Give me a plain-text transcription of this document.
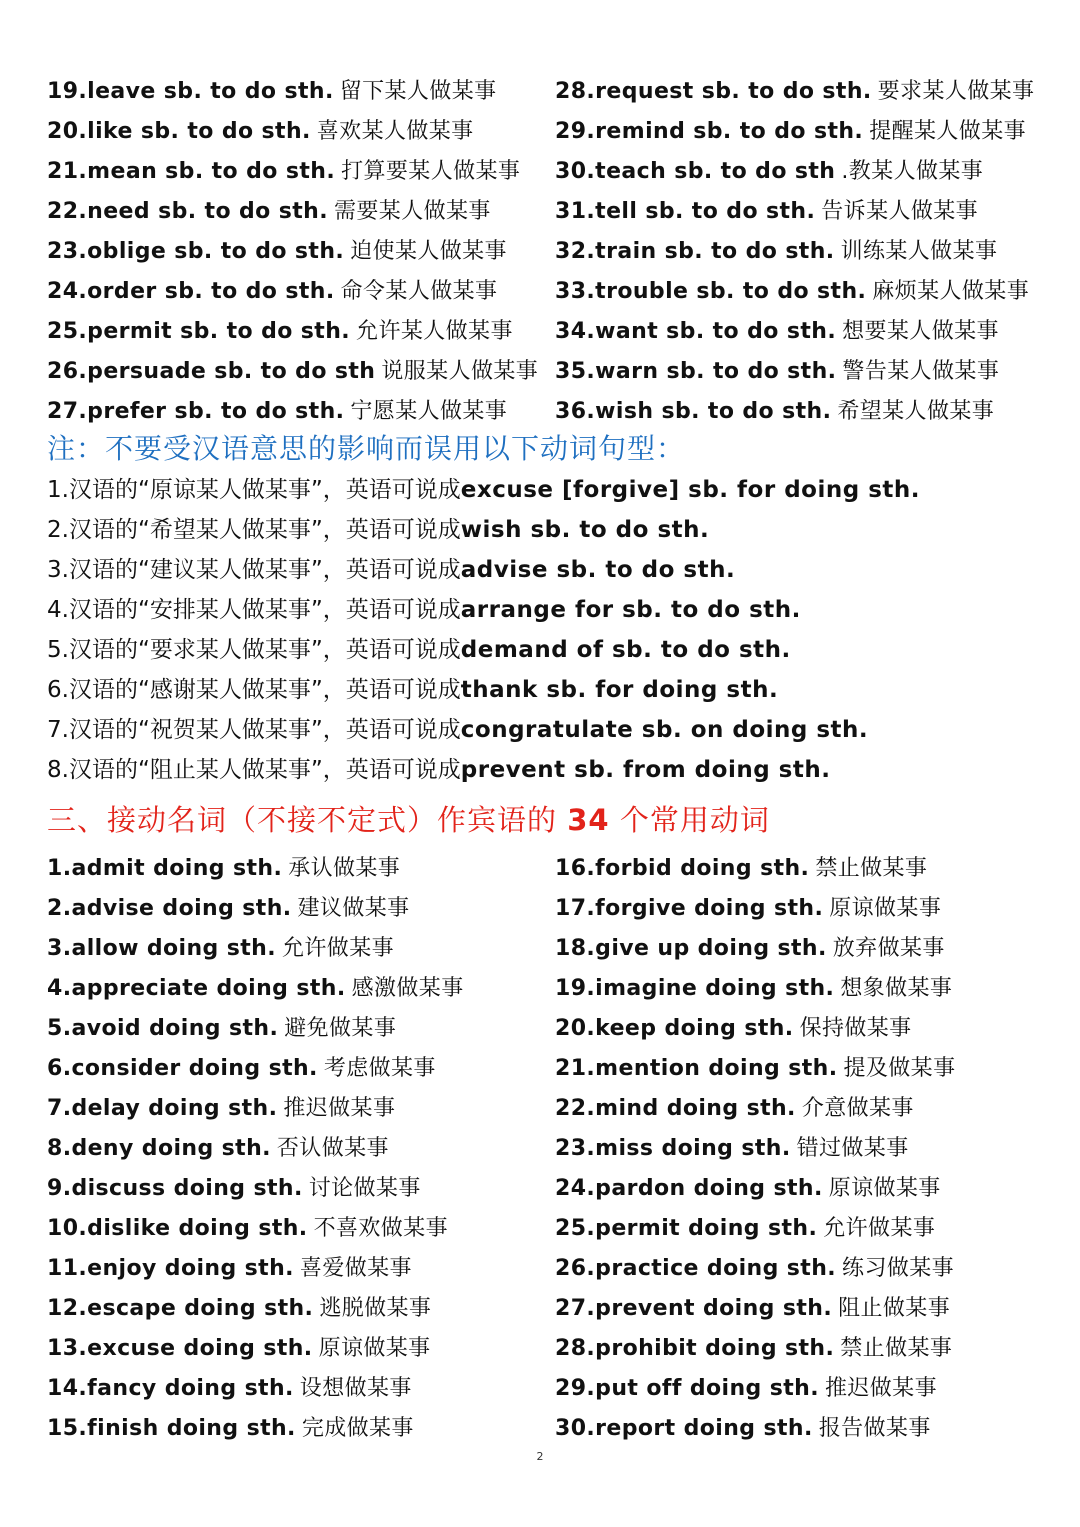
19.leave sb. to do sth. 留下某人做某事	28.request sb. to do sth. 要求某人做某事
20.like sb. to do sth. 喜欢某人做某事	29.remind sb. to do sth. 提醒某人做某事
21.mean sb. to do sth. 打算要某人做某事	30.teach sb. to do sth .教某人做某事
22.need sb. to do sth. 需要某人做某事	31.tell sb. to do sth. 告诉某人做某事
23.oblige sb. to do sth. 迫使某人做某事	32.train sb. to do sth. 训练某人做某事
24.order sb. to do sth. 命令某人做某事	33.trouble sb. to do sth. 麻烦某人做某事
25.permit sb. to do sth. 允许某人做某事	34.want sb. to do sth. 想要某人做某事
26.persuade sb. to do sth 说服某人做某事 35.warn sb. to do sth. 警告某人做某事
27.prefer sb. to do sth. 宁愿某人做某事	36.wish sb. to do sth. 希望某人做某事
注：不要受汉语意思的影响而误用以下动词句型：
1.汉语的“原谅某人做某事”，英语可说成excuse [forgive] sb. for doing sth.
2.汉语的“希望某人做某事”，英语可说成wish sb. to do sth.
3.汉语的“建议某人做某事”，英语可说成advise sb. to do sth.
4.汉语的“安排某人做某事”，英语可说成arrange for sb. to do sth.
5.汉语的“要求某人做某事”，英语可说成demand of sb. to do sth.
6.汉语的“感谢某人做某事”，英语可说成thank sb. for doing sth.
7.汉语的“祝贺某人做某事”，英语可说成congratulate sb. on doing sth.
8.汉语的“阻止某人做某事”，英语可说成prevent sb. from doing sth.
三、接动名词（不接不定式）作宾语的 34 个常用动词
1.admit doing sth. 承认做某事	16.forbid doing sth. 禁止做某事
2.advise doing sth. 建议做某事	17.forgive doing sth. 原谅做某事
3.allow doing sth. 允许做某事	18.give up doing sth. 放弃做某事
4.appreciate doing sth. 感激做某事	19.imagine doing sth. 想象做某事
5.avoid doing sth. 避免做某事	20.keep doing sth. 保持做某事
6.consider doing sth. 考虑做某事	21.mention doing sth. 提及做某事
7.delay doing sth. 推迟做某事	22.mind doing sth. 介意做某事
8.deny doing sth. 否认做某事	23.miss doing sth. 错过做某事
9.discuss doing sth. 讨论做某事	24.pardon doing sth. 原谅做某事
10.dislike doing sth. 不喜欢做某事	25.permit doing sth. 允许做某事
11.enjoy doing sth. 喜爱做某事	26.practice doing sth. 练习做某事
12.escape doing sth. 逃脱做某事	27.prevent doing sth. 阻止做某事
13.excuse doing sth. 原谅做某事	28.prohibit doing sth. 禁止做某事
14.fancy doing sth. 设想做某事	29.put off doing sth. 推迟做某事
15.finish doing sth. 完成做某事	30.report doing sth. 报告做某事
2
